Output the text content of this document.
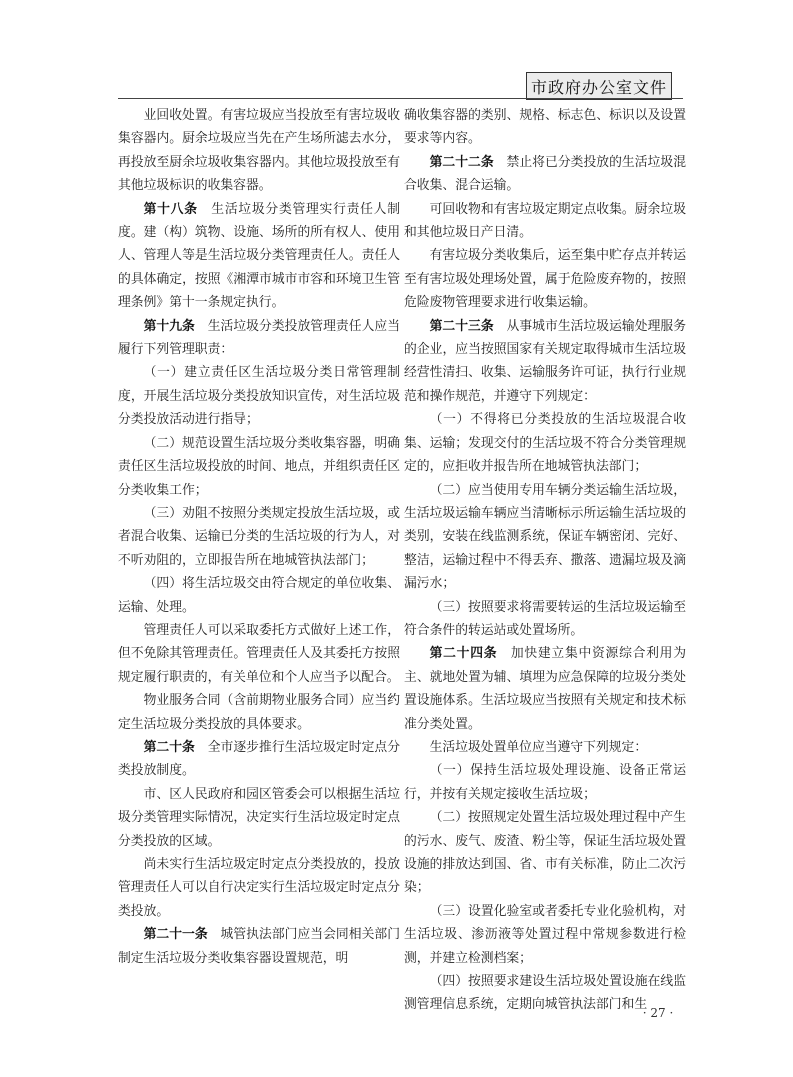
市政府办公室文件

业回收处置。有害垃圾应当投放至有害垃圾收集容器内。厨余垃圾应当先在产生场所滤去水分，再投放至厨余垃圾收集容器内。其他垃圾投放至有其他垃圾标识的收集容器。

第十八条　 生活垃圾分类管理实行责任人制度。建（构）筑物、设施、场所的所有权人、使用人、管理人等是生活垃圾分类管理责任人。责任人的具体确定，按照《湘潭市城市市容和环境卫生管理条例》第十一条规定执行。

第十九条　 生活垃圾分类投放管理责任人应当履行下列管理职责：

（一）建立责任区生活垃圾分类日常管理制度，开展生活垃圾分类投放知识宣传，对生活垃圾分类投放活动进行指导；

（二）规范设置生活垃圾分类收集容器，明确责任区生活垃圾投放的时间、地点，并组织责任区分类收集工作；

（三）劝阻不按照分类规定投放生活垃圾，或者混合收集、运输已分类的生活垃圾的行为人，对不听劝阻的，立即报告所在地城管执法部门；

（四）将生活垃圾交由符合规定的单位收集、运输、处理。

管理责任人可以采取委托方式做好上述工作，但不免除其管理责任。管理责任人及其委托方按照规定履行职责的，有关单位和个人应当予以配合。

物业服务合同（含前期物业服务合同）应当约定生活垃圾分类投放的具体要求。

第二十条　 全市逐步推行生活垃圾定时定点分类投放制度。

市、区人民政府和园区管委会可以根据生活垃圾分类管理实际情况，决定实行生活垃圾定时定点分类投放的区域。

尚未实行生活垃圾定时定点分类投放的，投放管理责任人可以自行决定实行生活垃圾定时定点分类投放。

第二十一条　 城管执法部门应当会同相关部门制定生活垃圾分类收集容器设置规范，明

确收集容器的类别、规格、标志色、标识以及设置要求等内容。

第二十二条　 禁止将已分类投放的生活垃圾混合收集、混合运输。

可回收物和有害垃圾定期定点收集。厨余垃圾和其他垃圾日产日清。

有害垃圾分类收集后，运至集中贮存点并转运至有害垃圾处理场处置，属于危险废弃物的，按照危险废物管理要求进行收集运输。

第二十三条　 从事城市生活垃圾运输处理服务的企业，应当按照国家有关规定取得城市生活垃圾经营性清扫、收集、运输服务许可证，执行行业规范和操作规范，并遵守下列规定：

（一）不得将已分类投放的生活垃圾混合收集、运输；发现交付的生活垃圾不符合分类管理规定的，应拒收并报告所在地城管执法部门；

（二）应当使用专用车辆分类运输生活垃圾，生活垃圾运输车辆应当清晰标示所运输生活垃圾的类别，安装在线监测系统，保证车辆密闭、完好、整洁，运输过程中不得丢弃、撒落、遗漏垃圾及滴漏污水；

（三）按照要求将需要转运的生活垃圾运输至符合条件的转运站或处置场所。

第二十四条　 加快建立集中资源综合利用为主、就地处置为辅、填埋为应急保障的垃圾分类处置设施体系。生活垃圾应当按照有关规定和技术标准分类处置。

生活垃圾处置单位应当遵守下列规定：

（一）保持生活垃圾处理设施、设备正常运行，并按有关规定接收生活垃圾；

（二）按照规定处置生活垃圾处理过程中产生的污水、废气、废渣、粉尘等，保证生活垃圾处置设施的排放达到国、省、市有关标准，防止二次污染；

（三）设置化验室或者委托专业化验机构，对生活垃圾、渗沥液等处置过程中常规参数进行检测，并建立检测档案；

（四）按照要求建设生活垃圾处置设施在线监测管理信息系统，定期向城管执法部门和生

· 27 ·
